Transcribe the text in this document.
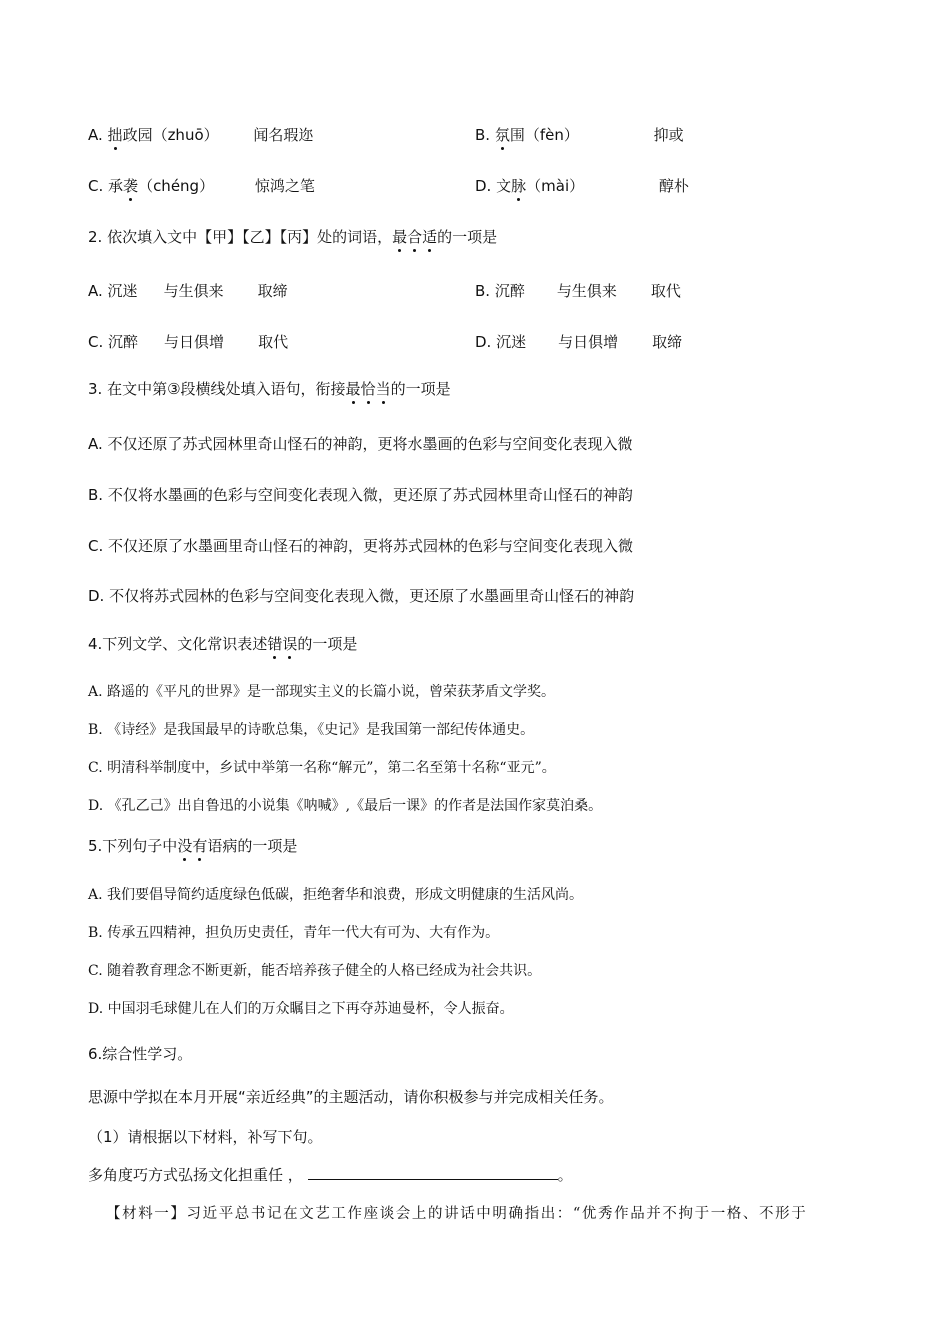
A. 拙政园（zhuō） 闻名瑕迩	B. 氛围（fèn）	抑或
C. 承袭（chéng）	惊鸿之笔	D. 文脉（mài）	醇朴
2. 依次填入文中【甲】【乙】【丙】处的词语，最合适的一项是
A. 沉迷 与生俱来 取缔	B. 沉醉 与生俱来 取代
C. 沉醉 与日俱增 取代	D. 沉迷 与日俱增 取缔
3. 在文中第③段横线处填入语句，衔接最恰当的一项是
A. 不仅还原了苏式园林里奇山怪石的神韵，更将水墨画的色彩与空间变化表现入微
B. 不仅将水墨画的色彩与空间变化表现入微，更还原了苏式园林里奇山怪石的神韵
C. 不仅还原了水墨画里奇山怪石的神韵，更将苏式园林的色彩与空间变化表现入微
D. 不仅将苏式园林的色彩与空间变化表现入微，更还原了水墨画里奇山怪石的神韵
4.下列文学、文化常识表述错误的一项是
A. 路遥的《平凡的世界》是一部现实主义的长篇小说，曾荣获茅盾文学奖。
B. 《诗经》是我国最早的诗歌总集，《史记》是我国第一部纪传体通史。
C. 明清科举制度中，乡试中举第一名称“解元”，第二名至第十名称“亚元”。
D. 《孔乙己》出自鲁迅的小说集《呐喊》,《最后一课》的作者是法国作家莫泊桑。
5.下列句子中没有语病的一项是
A. 我们要倡导简约适度绿色低碳，拒绝奢华和浪费，形成文明健康的生活风尚。
B. 传承五四精神，担负历史责任，青年一代大有可为、大有作为。
C. 随着教育理念不断更新，能否培养孩子健全的人格已经成为社会共识。
D. 中国羽毛球健儿在人们的万众瞩目之下再夺苏迪曼杯，令人振奋。
6.综合性学习。
思源中学拟在本月开展“亲近经典”的主题活动，请你积极参与并完成相关任务。
（1）请根据以下材料，补写下句。
多角度巧方式弘扬文化担重任 ，	。
【材料一】习近平总书记在文艺工作座谈会上的讲话中明确指出：“优秀作品并不拘于一格、不形于
